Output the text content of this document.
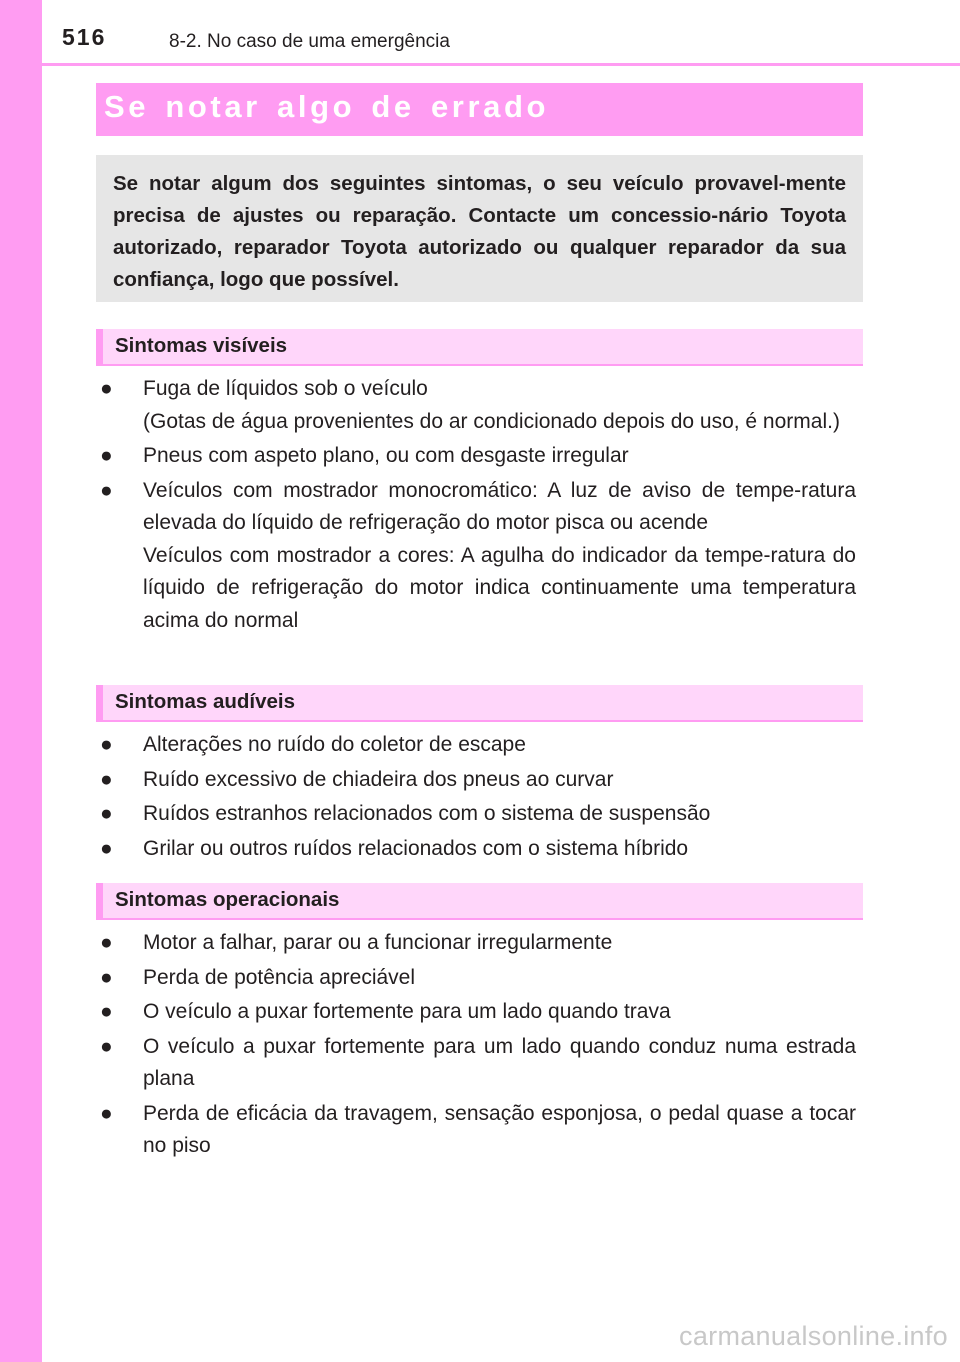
516	8-2. No caso de uma emergência
Se notar algo de errado

Se notar algum dos seguintes sintomas, o seu veículo provavel-mente precisa de ajustes ou reparação. Contacte um concessio-nário Toyota autorizado, reparador Toyota autorizado ou qualquer reparador da sua confiança, logo que possível.

Sintomas visíveis
● Fuga de líquidos sob o veículo
(Gotas de água provenientes do ar condicionado depois do uso, é normal.)
● Pneus com aspeto plano, ou com desgaste irregular
● Veículos com mostrador monocromático: A luz de aviso de tempe-ratura elevada do líquido de refrigeração do motor pisca ou acende
Veículos com mostrador a cores: A agulha do indicador da tempe-ratura do líquido de refrigeração do motor indica continuamente uma temperatura acima do normal
Sintomas audíveis
● Alterações no ruído do coletor de escape
● Ruído excessivo de chiadeira dos pneus ao curvar
● Ruídos estranhos relacionados com o sistema de suspensão
● Grilar ou outros ruídos relacionados com o sistema híbrido
Sintomas operacionais
● Motor a falhar, parar ou a funcionar irregularmente
● Perda de potência apreciável
● O veículo a puxar fortemente para um lado quando trava
● O veículo a puxar fortemente para um lado quando conduz numa estrada plana
● Perda de eficácia da travagem, sensação esponjosa, o pedal quase a tocar no piso
carmanualsonline.info
